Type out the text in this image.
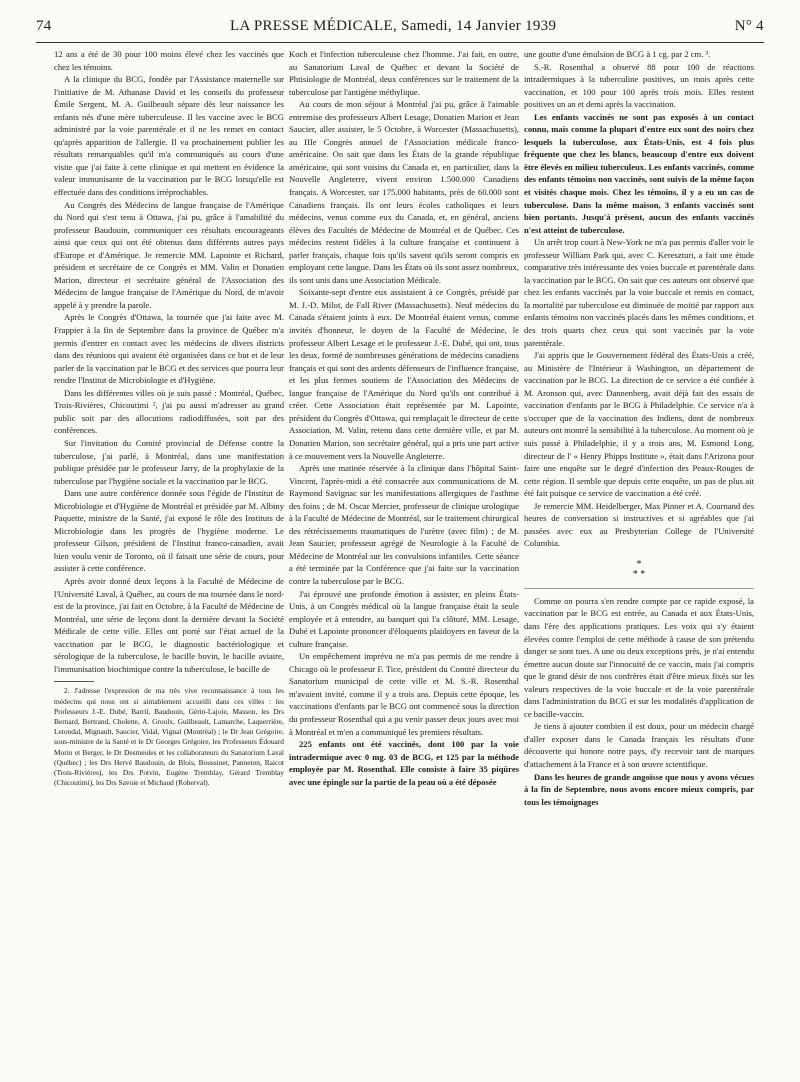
74	LA PRESSE MÉDICALE, Samedi, 14 Janvier 1939	N° 4

12 ans a été de 30 pour 100 moins élevé chez les vaccinés que chez les témoins.

A la clinique du BCG, fondée par l'Assistance maternelle sur l'initiative de M. Athanase David et les conseils du professeur Émile Sergent, M. A. Guilbeault sépare dès leur naissance les enfants nés d'une mère tuberculeuse. Il les vaccine avec le BCG administré par la voie parentérale et il ne les remet en contact qu'après apparition de l'allergie. Il va prochainement publier les résultats remarquables qu'il m'a communiqués au cours d'une visite que j'ai faite à cette clinique et qui mettent en évidence la valeur immunisante de la vaccination par le BCG lorsqu'elle est effectuée dans des conditions irréprochables.

Au Congrès des Médecins de langue française de l'Amérique du Nord qui s'est tenu à Ottawa, j'ai pu, grâce à l'amabilité du professeur Baudouin, communiquer ces résultats encourageants ainsi que ceux qui ont été obtenus dans différents autres pays d'Europe et d'Amérique. Je remercie MM. Lapointe et Richard, président et secrétaire de ce Congrès et MM. Valin et Donatien Marion, directeur et secrétaire général de l'Association des Médecins de langue française de l'Amérique du Nord, de m'avoir appelé à y prendre la parole.

Après le Congrès d'Ottawa, la tournée que j'ai faite avec M. Frappier à la fin de Septembre dans la province de Québec m'a permis d'entrer en contact avec les médecins de divers districts dans des réunions qui avaient été organisées dans ce but et de leur parler de la vaccination par le BCG et des services que pourra leur rendre l'Institut de Microbiologie et d'Hygiène.

Dans les différentes villes où je suis passé : Montréal, Québec, Trois-Rivières, Chicoutimi ², j'ai pu aussi m'adresser au grand public soit par des allocutions radiodiffusées, soit par des conférences.

Sur l'invitation du Comité provincial de Défense contre la tuberculose, j'ai parlé, à Montréal, dans une manifestation publique présidée par le professeur Jarry, de la prophylaxie de la tuberculose par l'hygiène sociale et la vaccination par le BCG.

Dans une autre conférence donnée sous l'égide de l'Institut de Microbiologie et d'Hygiène de Montréal et présidée par M. Albiny Paquette, ministre de la Santé, j'ai exposé le rôle des Instituts de Microbiologie dans les progrès de l'hygiène moderne. Le professeur Gilson, président de l'Institut franco-canadien, avait bien voulu venir de Toronto, où il faisait une série de cours, pour assister à cette conférence.

Après avoir donné deux leçons à la Faculté de Médecine de l'Université Laval, à Québec, au cours de ma tournée dans le nord-est de la province, j'ai fait en Octobre, à la Faculté de Médecine de Montréal, une série de leçons dont la dernière devant la Société Médicale de cette ville. Elles ont porté sur l'état actuel de la vaccination par le BCG, le diagnostic bactériologique et sérologique de la tuberculose, le bacille bovin, le bacille aviaire, l'immunisation biochimique contre la tuberculose, le bacille de

2. J'adresse l'expression de ma très vive reconnaissance à tous les médecins qui nous ont si aimablement accueilli dans ces villes : les Professeurs J.-E. Dubé, Barril, Baudouin, Gérin-Lajoie, Masson, les Drs Bernard, Bertrand, Cholette, A. Groulx, Guilbeault, Lamarche, Laquerrière, Letondal, Mignault, Saucier, Vidal, Vignal (Montréal) ; le Dr Jean Grégoire, sous-ministre de la Santé et le Dr Georges Grégoire, les Professeurs Édouard Morin et Berger, le Dr Desmeules et les collaborateurs du Sanatorium Laval (Québec) ; les Drs Hervé Baudouin, de Blois, Boussinet, Panneton, Raicot (Trois-Rivières), les Drs Potvin, Eugène Tremblay, Gérard Tremblay (Chicoutimi), les Drs Savoie et Michaud (Roberval).

Koch et l'infection tuberculeuse chez l'homme. J'ai fait, en outre, au Sanatorium Laval de Québec et devant la Société de Phtisiologie de Montréal, deux conférences sur le traitement de la tuberculose par l'antigène méthylique.

Au cours de mon séjour à Montréal j'ai pu, grâce à l'aimable entremise des professeurs Albert Lesage, Donatien Marion et Jean Saucier, aller assister, le 5 Octobre, à Worcester (Massachusetts), au IIIe Congrès annuel de l'Association médicale franco-américaine. On sait que dans les États de la grande république américaine, qui sont voisins du Canada et, en particulier, dans la Nouvelle Angleterre, vivent environ 1.500.000 Canadiens français. A Worcester, sur 175.000 habitants, près de 60.000 sont Canadiens français. Ils ont leurs écoles catholiques et leurs médecins, venus comme eux du Canada, et, en général, anciens élèves des Facultés de Médecine de Montréal et de Québec. Ces médecins restent fidèles à la culture française et continuent à parler français, chaque fois qu'ils savent qu'ils seront compris en employant cette langue. Dans les États où ils sont assez nombreux, ils sont unis dans une Association Médicale.

Soixante-sept d'entre eux assistaient à ce Congrès, présidé par M. J.-D. Milot, de Fall River (Massachusetts). Neuf médecins du Canada s'étaient joints à eux. De Montréal étaient venus, comme invités d'honneur, le doyen de la Faculté de Médecine, le professeur Albert Lesage et le professeur J.-E. Dubé, qui ont, tous les deux, formé de nombreuses générations de médecins canadiens français et qui sont des ardents défenseurs de l'influence française, et les plus fermes soutiens de l'Association des Médecins de langue française de l'Amérique du Nord qu'ils ont contribué à créer. Cette Association était représentée par M. Lapointe, président du Congrès d'Ottawa, qui remplaçait le directeur de cette Association, M. Valin, retenu dans cette dernière ville, et par M. Donatien Marion, son secrétaire général, qui a pris une part active à ce mouvement vers la Nouvelle Angleterre.

Après une matinée réservée à la clinique dans l'hôpital Saint-Vincent, l'après-midi a été consacrée aux communications de M. Raymond Savignac sur les manifestations allergiques de l'asthme des foins ; de M. Oscar Mercier, professeur de clinique urologique à la Faculté de Médecine de Montréal, sur le traitement chirurgical des rétrécissements traumatiques de l'urètre (avec film) ; de M. Jean Saucier, professeur agrégé de Neurologie à la Faculté de Médecine de Montréal sur les convulsions infantiles. Cette séance a été terminée par la Conférence que j'ai faite sur la vaccination contre la tuberculose par le BCG.

J'ai éprouvé une profonde émotion à assister, en pleins États-Unis, à un Congrès médical où la langue française était la seule employée et à entendre, au banquet qui l'a clôturé, MM. Lesage, Dubé et Lapointe prononcer d'éloquents plaidoyers en faveur de la culture française.

Un empêchement imprévu ne m'a pas permis de me rendre à Chicago où le professeur F. Tice, président du Comité directeur du Sanatorium municipal de cette ville et M. S.-R. Rosenthal m'avaient invité, comme il y a trois ans. Depuis cette époque, les vaccinations d'enfants par le BCG ont commencé sous la direction du professeur Rosenthal qui a pu venir passer deux jours avec moi à Montréal et m'en a communiqué les premiers résultats.

225 enfants ont été vaccinés, dont 100 par la voie intradermique avec 0 mg. 03 de BCG, et 125 par la méthode employée par M. Rosenthal. Elle consiste à faire 35 piqûres avec une épingle sur la partie de la peau où a été déposée

une goutte d'une émulsion de BCG à 1 cg. par 2 cm. ³.

S.-R. Rosenthal a observé 88 pour 100 de réactions intradermiques à la tuberculine positives, un mois après cette vaccination, et 100 pour 100 après trois mois. Elles restent positives un an et demi après la vaccination.

Les enfants vaccinés ne sont pas exposés à un contact connu, mais comme la plupart d'entre eux sont des noirs chez lesquels la tuberculose, aux États-Unis, est 4 fois plus fréquente que chez les blancs, beaucoup d'entre eux doivent être élevés en milieu tuberculeux. Les enfants vaccinés, comme des enfants témoins non vaccinés, sont suivis de la même façon et visités chaque mois. Chez les témoins, il y a eu un cas de tuberculose. Dans la même maison, 3 enfants vaccinés sont bien portants. Jusqu'à présent, aucun des enfants vaccinés n'est atteint de tuberculose.

Un arrêt trop court à New-York ne m'a pas permis d'aller voir le professeur William Park qui, avec C. Kereszturi, a fait une étude comparative très intéressante des voies buccale et parentérale dans la vaccination par le BCG. On sait que ces auteurs ont observé que chez les enfants vaccinés par la voie buccale et remis en contact, la mortalité par tuberculose est diminuée de moitié par rapport aux enfants témoins non vaccinés placés dans les mêmes conditions, et des trois quarts chez ceux qui sont vaccinés par la voie parentérale.

J'ai appris que le Gouvernement fédéral des États-Unis a créé, au Ministère de l'Intérieur à Washington, un département de vaccination par le BCG. La direction de ce service a été confiée à M. Aronson qui, avec Dannenberg, avait déjà fait des essais de vaccination d'enfants par le BCG à Philadelphie. Ce service n'a à s'occuper que de la vaccination des Indiens, dont de nombreux auteurs ont montré la sensibilité à la tuberculose. Au moment où je suis passé à Philadelphie, il y a trois ans, M. Esmond Long, directeur de l' « Henry Phipps Institute », était dans l'Arizona pour faire une enquête sur le degré d'infection des Peaux-Rouges de cette région. Il semble que depuis cette enquête, un pas de plus ait été fait puisque ce service de vaccination a été créé.

Je remercie MM. Heidelberger, Max Pinner et A. Cournand des heures de conversation si instructives et si agréables que j'ai passées avec eux au Presbyterian College de l'Université Columbia.

*
* *

Comme on pourra s'en rendre compte par ce rapide exposé, la vaccination par le BCG est entrée, au Canada et aux États-Unis, dans l'ère des applications pratiques. Les voix qui s'y étaient élevées contre l'emploi de cette méthode à cause de son prétendu danger se sont tues. A une ou deux exceptions près, je n'ai entendu émettre aucun doute sur l'innocuité de ce vaccin, mais j'ai compris que le grand désir de nos confrères était d'être mieux fixés sur les valeurs respectives de la voie buccale et de la voie parentérale dans l'administration du BCG et sur les modalités d'application de ce bacille-vaccin.

Je tiens à ajouter combien il est doux, pour un médecin chargé d'aller exposer dans le Canada français les résultats d'une découverte qui honore notre pays, d'y recevoir tant de marques d'attachement à la France et à son œuvre scientifique.

Dans les heures de grande angoisse que nous y avons vécues à la fin de Septembre, nous avons encore mieux compris, par tous les témoignages
